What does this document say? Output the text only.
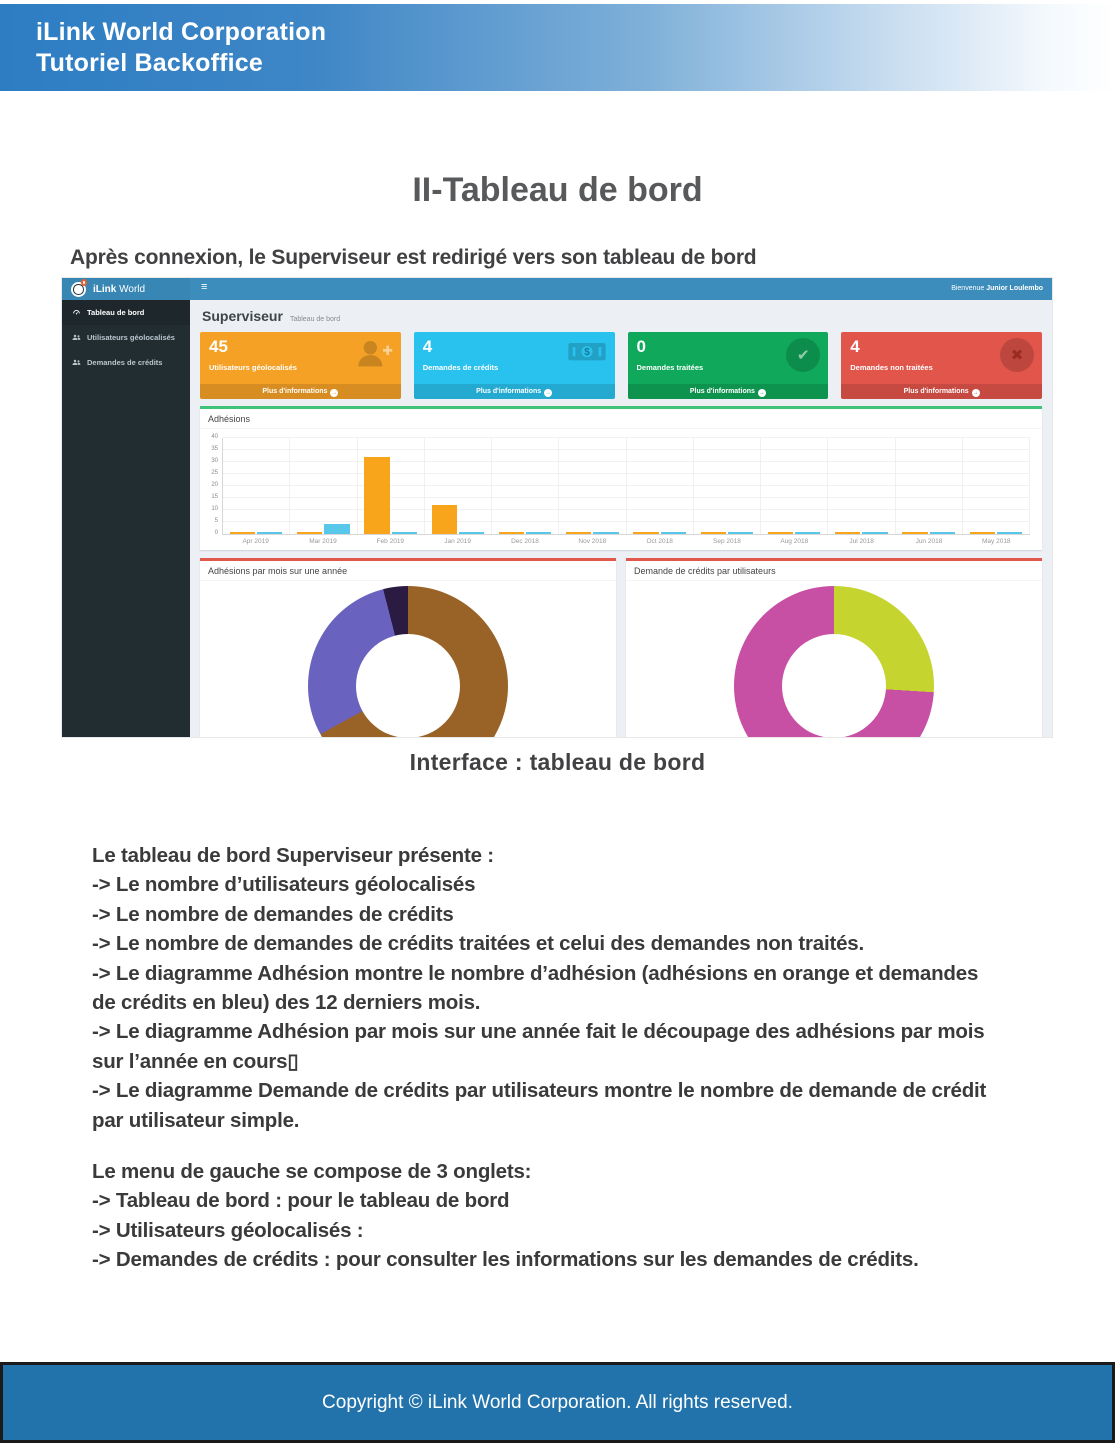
iLink World Corporation
Tutoriel Backoffice
II-Tableau de bord
Après connexion, le Superviseur est redirigé vers son tableau de bord
iLink World	≡	Bienvenue Junior Loulembo
Tableau de bord
Utilisateurs géolocalisés
Demandes de crédits
Superviseur Tableau de bord
45
Utilisateurs géolocalisés
Plus d'informations →
4
Demandes de crédits
$
Plus d'informations →
0
Demandes traitées
✔
Plus d'informations →
4
Demandes non traitées
✖
Plus d'informations →
Adhésions
0
5
10
15
20
25
30
35
40
Apr 2019	Mar 2019	Feb 2019	Jan 2019	Dec 2018	Nov 2018	Oct 2018	Sep 2018	Aug 2018	Jul 2018	Jun 2018	May 2018
Adhésions par mois sur une année	Demande de crédits par utilisateurs
Interface : tableau de bord
Le tableau de bord Superviseur présente :
-> Le nombre d’utilisateurs géolocalisés
-> Le nombre de demandes de crédits
-> Le nombre de demandes de crédits traitées et celui des demandes non traités.
-> Le diagramme Adhésion montre le nombre d’adhésion (adhésions en orange et demandes
de crédits en bleu) des 12 derniers mois.
-> Le diagramme Adhésion par mois sur une année fait le découpage des adhésions par mois
sur l’année en cours▯
-> Le diagramme Demande de crédits par utilisateurs montre le nombre de demande de crédit
par utilisateur simple.
Le menu de gauche se compose de 3 onglets:
-> Tableau de bord : pour le tableau de bord
-> Utilisateurs géolocalisés :
-> Demandes de crédits : pour consulter les informations sur les demandes de crédits.
Copyright © iLink World Corporation. All rights reserved.
